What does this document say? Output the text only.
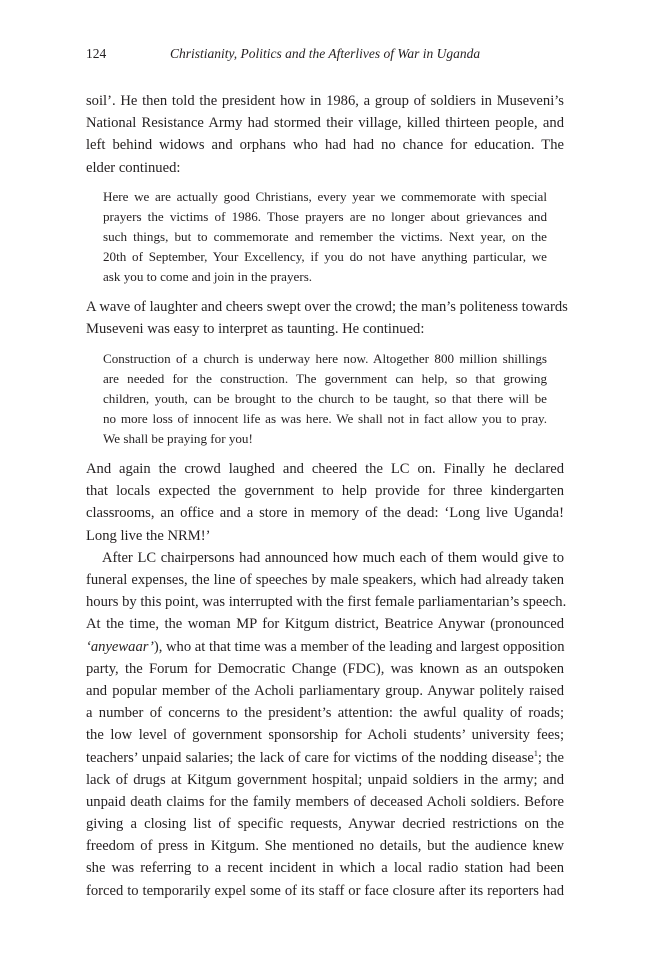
124	Christianity, Politics and the Afterlives of War in Uganda
soil’. He then told the president how in 1986, a group of soldiers in Museveni’s
National Resistance Army had stormed their village, killed thirteen people, and
left behind widows and orphans who had had no chance for education. The
elder continued:
Here we are actually good Christians, every year we commemorate with special
prayers the victims of 1986. Those prayers are no longer about grievances and
such things, but to commemorate and remember the victims. Next year, on the
20th of September, Your Excellency, if you do not have anything particular, we
ask you to come and join in the prayers.
A wave of laughter and cheers swept over the crowd; the man’s politeness towards
Museveni was easy to interpret as taunting. He continued:
Construction of a church is underway here now. Altogether 800 million shillings
are needed for the construction. The government can help, so that growing
children, youth, can be brought to the church to be taught, so that there will be
no more loss of innocent life as was here. We shall not in fact allow you to pray.
We shall be praying for you!
And again the crowd laughed and cheered the LC on. Finally he declared
that locals expected the government to help provide for three kindergarten
classrooms, an office and a store in memory of the dead: ‘Long live Uganda!
Long live the NRM!’
After LC chairpersons had announced how much each of them would give to
funeral expenses, the line of speeches by male speakers, which had already taken
hours by this point, was interrupted with the first female parliamentarian’s speech.
At the time, the woman MP for Kitgum district, Beatrice Anywar (pronounced
‘anyewaar’), who at that time was a member of the leading and largest opposition
party, the Forum for Democratic Change (FDC), was known as an outspoken
and popular member of the Acholi parliamentary group. Anywar politely raised
a number of concerns to the president’s attention: the awful quality of roads;
the low level of government sponsorship for Acholi students’ university fees;
teachers’ unpaid salaries; the lack of care for victims of the nodding disease$^1$; the
lack of drugs at Kitgum government hospital; unpaid soldiers in the army; and
unpaid death claims for the family members of deceased Acholi soldiers. Before
giving a closing list of specific requests, Anywar decried restrictions on the
freedom of press in Kitgum. She mentioned no details, but the audience knew
she was referring to a recent incident in which a local radio station had been
forced to temporarily expel some of its staff or face closure after its reporters had
